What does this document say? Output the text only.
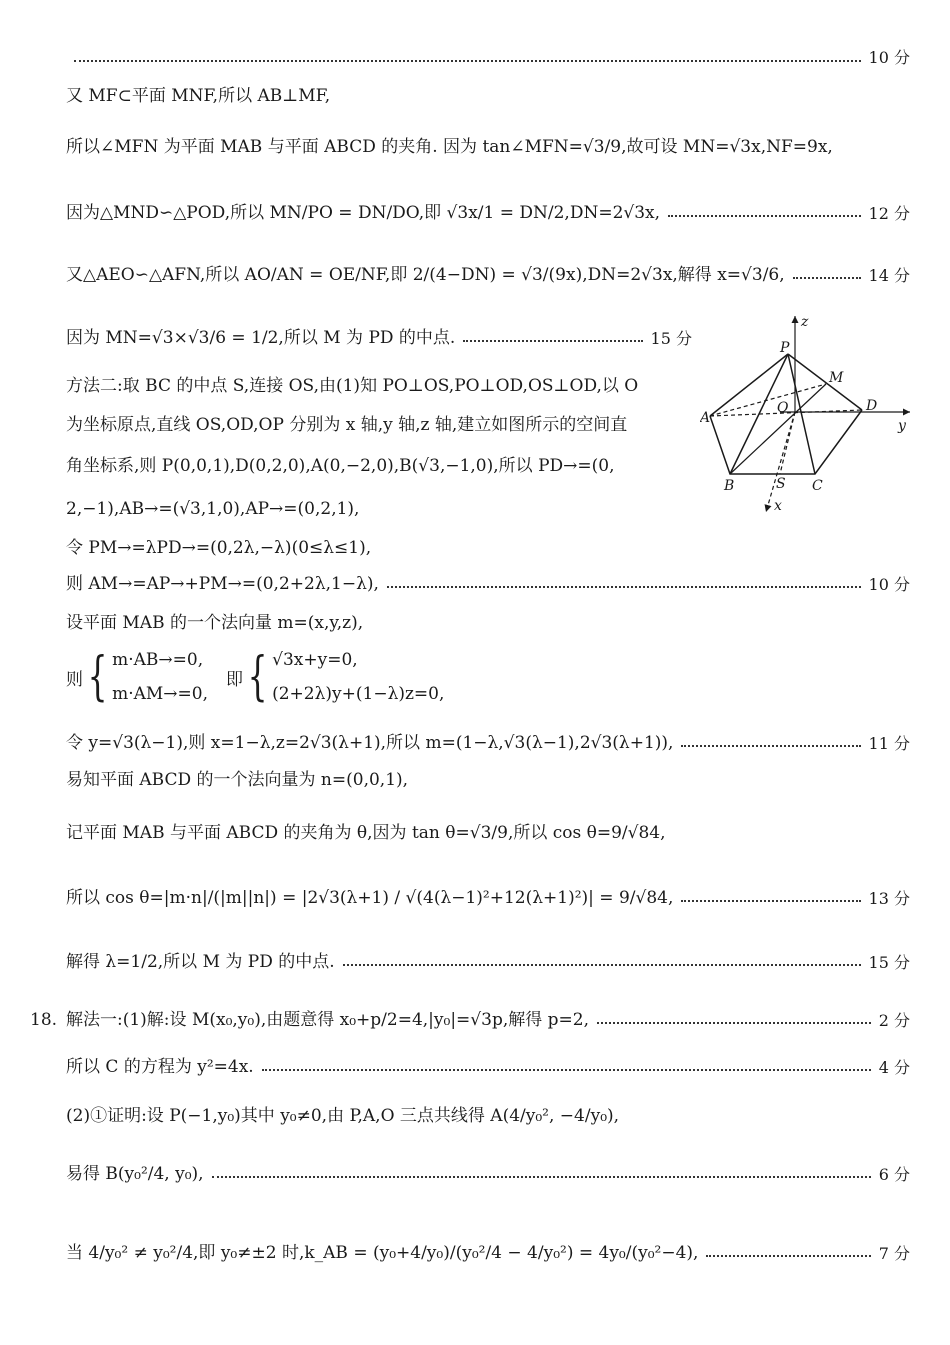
10 分
又 MF⊂平面 MNF,所以 AB⊥MF,
所以∠MFN 为平面 MAB 与平面 ABCD 的夹角. 因为 tan∠MFN=√3/9,故可设 MN=√3x,NF=9x,
因为△MND∽△POD,所以 MN/PO = DN/DO,即 √3x/1 = DN/2,DN=2√3x,	12 分
又△AEO∽△AFN,所以 AO/AN = OE/NF,即 2/(4−DN) = √3/(9x),DN=2√3x,解得 x=√3/6,	14 分
因为 MN=√3×√3/6 = 1/2,所以 M 为 PD 的中点.	15 分
方法二:取 BC 的中点 S,连接 OS,由(1)知 PO⊥OS,PO⊥OD,OS⊥OD,以 O
为坐标原点,直线 OS,OD,OP 分别为 x 轴,y 轴,z 轴,建立如图所示的空间直
角坐标系,则 P(0,0,1),D(0,2,0),A(0,−2,0),B(√3,−1,0),所以 PD→=(0,
2,−1),AB→=(√3,1,0),AP→=(0,2,1),
令 PM→=λPD→=(0,2λ,−λ)(0≤λ≤1),
则 AM→=AP→+PM→=(0,2+2λ,1−λ),	10 分
设平面 MAB 的一个法向量 m=(x,y,z),
则 { m·AB→=0,
m·AM→=0,
即 { √3x+y=0,
(2+2λ)y+(1−λ)z=0,
令 y=√3(λ−1),则 x=1−λ,z=2√3(λ+1),所以 m=(1−λ,√3(λ−1),2√3(λ+1)),	11 分
易知平面 ABCD 的一个法向量为 n=(0,0,1),
记平面 MAB 与平面 ABCD 的夹角为 θ,因为 tan θ=√3/9,所以 cos θ=9/√84,
所以 cos θ=|m·n|/(|m||n|) = |2√3(λ+1) / √(4(λ−1)²+12(λ+1)²)| = 9/√84,	13 分
解得 λ=1/2,所以 M 为 PD 的中点.	15 分
18. 解法一:(1)解:设 M(x₀,y₀),由题意得 x₀+p/2=4,|y₀|=√3p,解得 p=2,	2 分
所以 C 的方程为 y²=4x.	4 分
(2)①证明:设 P(−1,y₀)其中 y₀≠0,由 P,A,O 三点共线得 A(4/y₀², −4/y₀),
易得 B(y₀²/4, y₀),	6 分
当 4/y₀² ≠ y₀²/4,即 y₀≠±2 时,k_AB = (y₀+4/y₀)/(y₀²/4 − 4/y₀²) = 4y₀/(y₀²−4),	7 分
z
P
M
A
O	D
y
B	S C
x
